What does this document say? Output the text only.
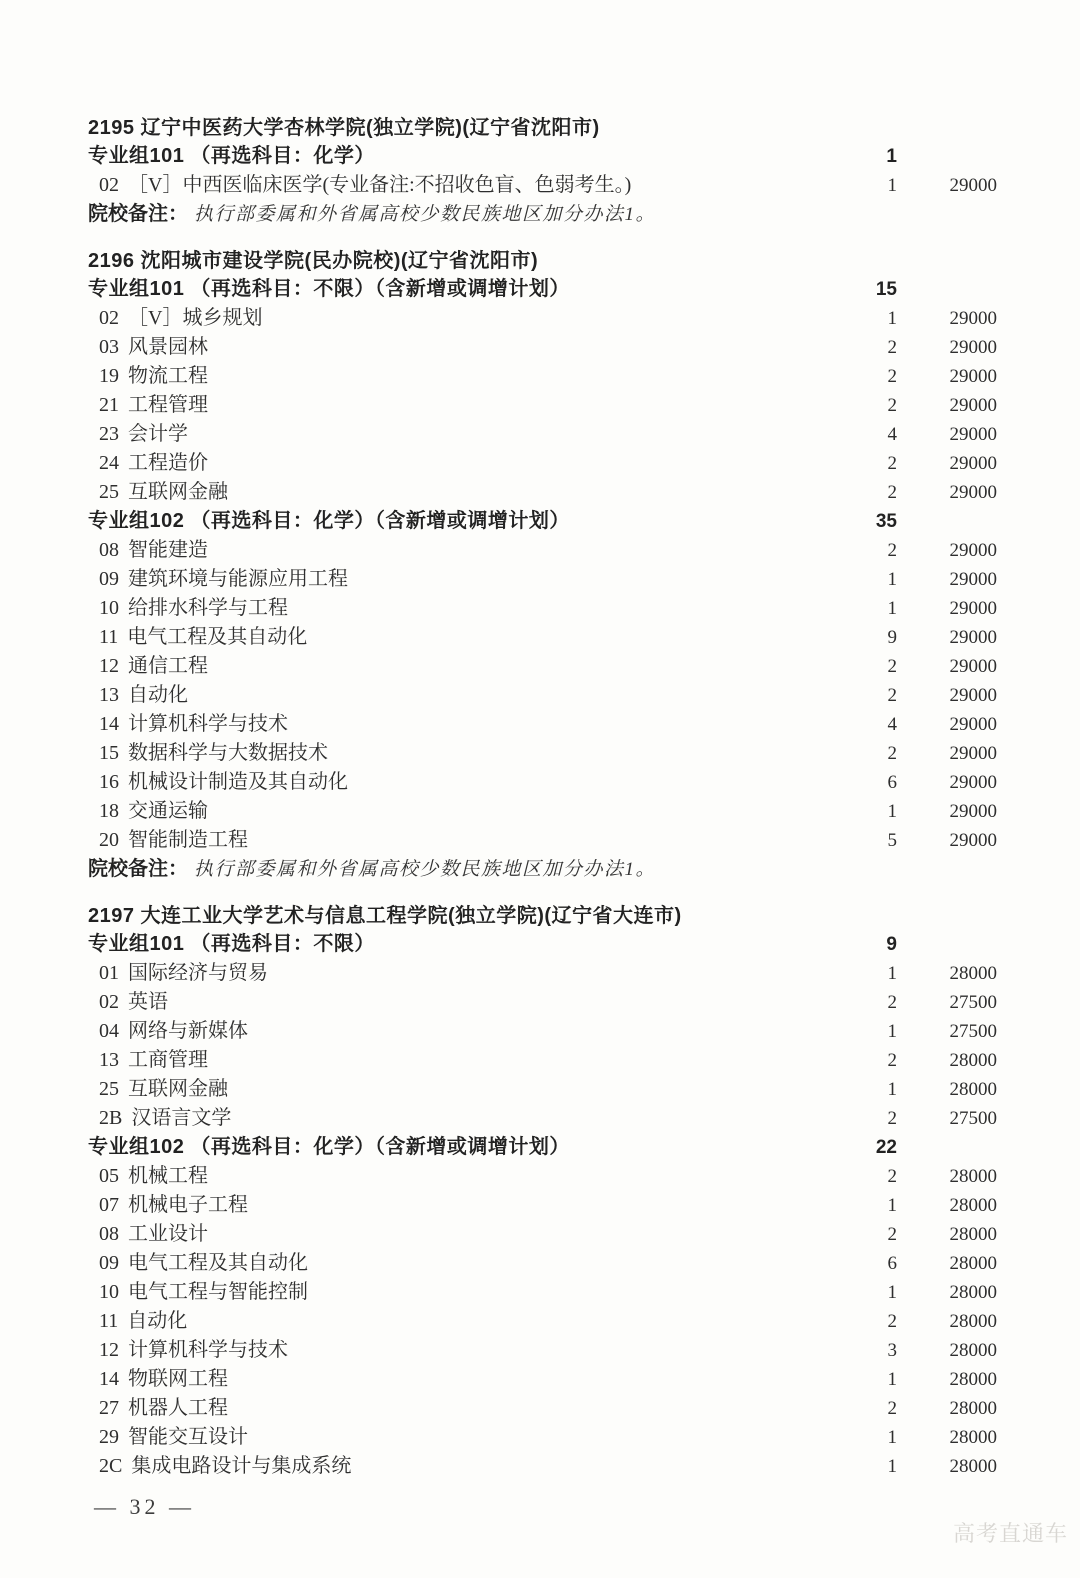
2195 辽宁中医药大学杏林学院(独立学院)(辽宁省沈阳市)
专业组101 （再选科目：化学）	1
02 ［V］中西医临床医学(专业备注:不招收色盲、色弱考生。)	1	29000
院校备注： 执行部委属和外省属高校少数民族地区加分办法1。
2196 沈阳城市建设学院(民办院校)(辽宁省沈阳市)
专业组101 （再选科目：不限）（含新增或调增计划）	15
02 ［V］城乡规划	1	29000
03 风景园林	2	29000
19 物流工程	2	29000
21 工程管理	2	29000
23 会计学	4	29000
24 工程造价	2	29000
25 互联网金融	2	29000
专业组102 （再选科目：化学）（含新增或调增计划）	35
08 智能建造	2	29000
09 建筑环境与能源应用工程	1	29000
10 给排水科学与工程	1	29000
11 电气工程及其自动化	9	29000
12 通信工程	2	29000
13 自动化	2	29000
14 计算机科学与技术	4	29000
15 数据科学与大数据技术	2	29000
16 机械设计制造及其自动化	6	29000
18 交通运输	1	29000
20 智能制造工程	5	29000
院校备注： 执行部委属和外省属高校少数民族地区加分办法1。
2197 大连工业大学艺术与信息工程学院(独立学院)(辽宁省大连市)
专业组101 （再选科目：不限）	9
01 国际经济与贸易	1	28000
02 英语	2	27500
04 网络与新媒体	1	27500
13 工商管理	2	28000
25 互联网金融	1	28000
2B 汉语言文学	2	27500
专业组102 （再选科目：化学）（含新增或调增计划）	22
05 机械工程	2	28000
07 机械电子工程	1	28000
08 工业设计	2	28000
09 电气工程及其自动化	6	28000
10 电气工程与智能控制	1	28000
11 自动化	2	28000
12 计算机科学与技术	3	28000
14 物联网工程	1	28000
27 机器人工程	2	28000
29 智能交互设计	1	28000
2C 集成电路设计与集成系统	1	28000
— 32 —
高考直通车
